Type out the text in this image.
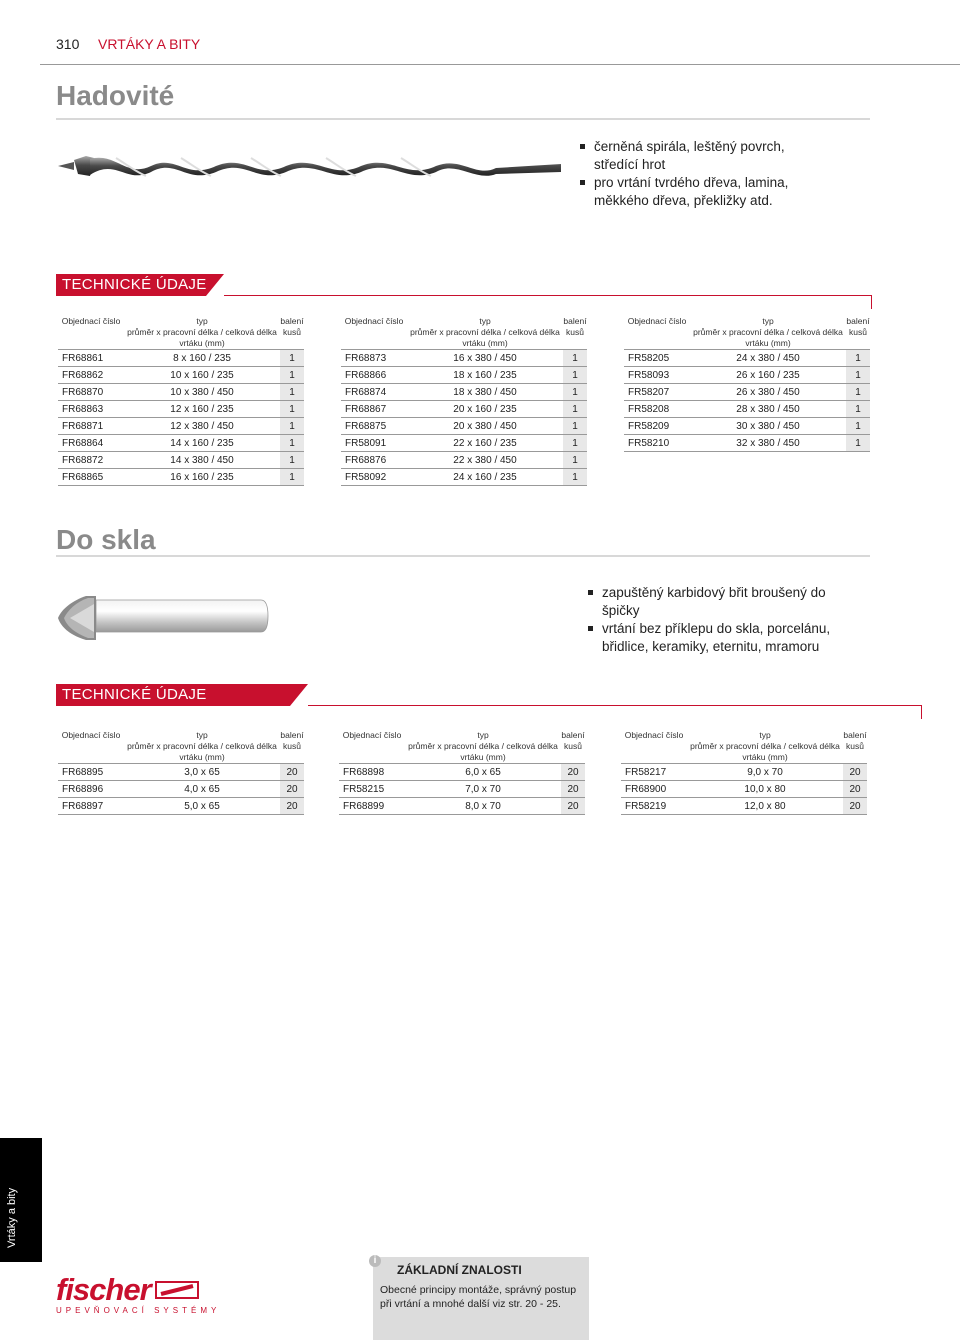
310 VRTÁKY A BITY
Hadovité
černěná spirála, leštěný povrch, středící hrot
pro vrtání tvrdého dřeva, lamina, měkkého dřeva, překližky atd.
TECHNICKÉ ÚDAJE
Objednací číslo	typ
průměr x pracovní délka / celková délka vrtáku (mm)	balení
kusů
FR68861	8 x 160 / 235	1
FR68862	10 x 160 / 235	1
FR68870	10 x 380 / 450	1
FR68863	12 x 160 / 235	1
FR68871	12 x 380 / 450	1
FR68864	14 x 160 / 235	1
FR68872	14 x 380 / 450	1
FR68865	16 x 160 / 235	1
Objednací číslo	typ
průměr x pracovní délka / celková délka vrtáku (mm)	balení
kusů
FR68873	16 x 380 / 450	1
FR68866	18 x 160 / 235	1
FR68874	18 x 380 / 450	1
FR68867	20 x 160 / 235	1
FR68875	20 x 380 / 450	1
FR58091	22 x 160 / 235	1
FR68876	22 x 380 / 450	1
FR58092	24 x 160 / 235	1
Objednací číslo	typ
průměr x pracovní délka / celková délka vrtáku (mm)	balení
kusů
FR58205	24 x 380 / 450	1
FR58093	26 x 160 / 235	1
FR58207	26 x 380 / 450	1
FR58208	28 x 380 / 450	1
FR58209	30 x 380 / 450	1
FR58210	32 x 380 / 450	1
Do skla
zapuštěný karbidový břit broušený do špičky
vrtání bez příklepu do skla, porcelánu, břidlice, keramiky, eternitu, mramoru
TECHNICKÉ ÚDAJE
Objednací číslo	typ
průměr x pracovní délka / celková délka vrtáku (mm)	balení
kusů
FR68895	3,0 x 65	20
FR68896	4,0 x 65	20
FR68897	5,0 x 65	20
Objednací číslo	typ
průměr x pracovní délka / celková délka vrtáku (mm)	balení
kusů
FR68898	6,0 x 65	20
FR58215	7,0 x 70	20
FR68899	8,0 x 70	20
Objednací číslo	typ
průměr x pracovní délka / celková délka vrtáku (mm)	balení
kusů
FR58217	9,0 x 70	20
FR68900	10,0 x 80	20
FR58219	12,0 x 80	20
Vrtáky a bity
fischer
UPEVŇOVACÍ SYSTÉMY
i
ZÁKLADNÍ ZNALOSTI
Obecné principy montáže, správný postup při vrtání a mnohé další viz str. 20 - 25.
